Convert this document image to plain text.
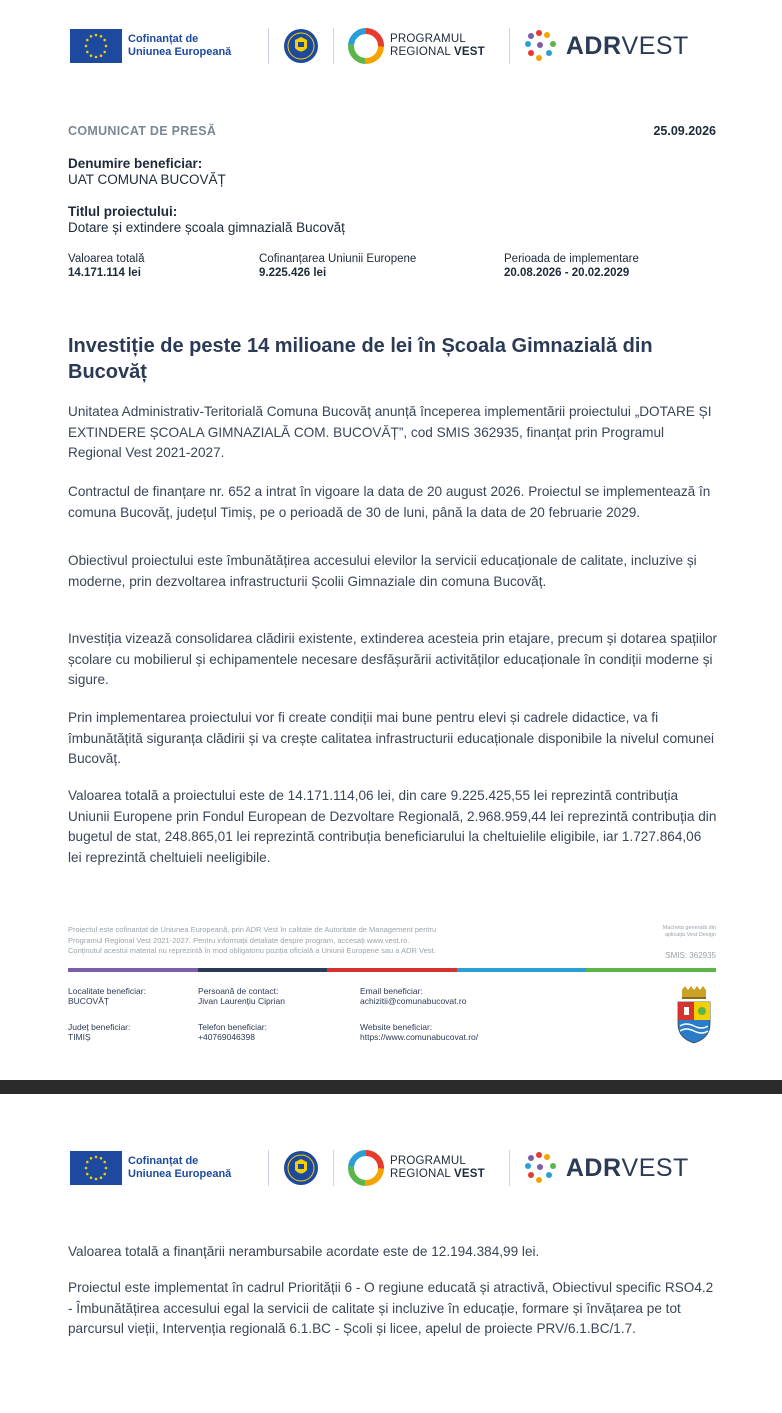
Cofinanțat de
Uniunea Europeană
PROGRAMUL
REGIONAL VEST	ADRVEST
COMUNICAT DE PRESĂ	25.09.2026
Denumire beneficiar:
UAT COMUNA BUCOVĂȚ
Titlul proiectului:
Dotare și extindere școala gimnazială Bucovăț
Valoarea totală
14.171.114 lei
Cofinanțarea Uniunii Europene
9.225.426 lei
Perioada de implementare
20.08.2026 - 20.02.2029
Investiție de peste 14 milioane de lei în Școala Gimnazială din Bucovăț
Unitatea Administrativ-Teritorială Comuna Bucovăț anunță începerea implementării proiectului „DOTARE ȘI EXTINDERE ȘCOALA GIMNAZIALĂ COM. BUCOVĂȚ”, cod SMIS 362935, finanțat prin Programul Regional Vest 2021-2027.
Contractul de finanțare nr. 652 a intrat în vigoare la data de 20 august 2026. Proiectul se implementează în comuna Bucovăț, județul Timiș, pe o perioadă de 30 de luni, până la data de 20 februarie 2029.
Obiectivul proiectului este îmbunătățirea accesului elevilor la servicii educaționale de calitate, incluzive și moderne, prin dezvoltarea infrastructurii Școlii Gimnaziale din comuna Bucovăț.
Investiția vizează consolidarea clădirii existente, extinderea acesteia prin etajare, precum și dotarea spațiilor școlare cu mobilierul și echipamentele necesare desfășurării activităților educaționale în condiții moderne și sigure.
Prin implementarea proiectului vor fi create condiții mai bune pentru elevi și cadrele didactice, va fi îmbunătățită siguranța clădirii și va crește calitatea infrastructurii educaționale disponibile la nivelul comunei Bucovăț.
Valoarea totală a proiectului este de 14.171.114,06 lei, din care 9.225.425,55 lei reprezintă contribuția Uniunii Europene prin Fondul European de Dezvoltare Regională, 2.968.959,44 lei reprezintă contribuția din bugetul de stat, 248.865,01 lei reprezintă contribuția beneficiarului la cheltuielile eligibile, iar 1.727.864,06 lei reprezintă cheltuieli neeligibile.
Proiectul este cofinanțat de Uniunea Europeană, prin ADR Vest în calitate de Autoritate de Management pentru
Programul Regional Vest 2021-2027. Pentru informații detaliate despre program, accesați www.vest.ro.
Conținutul acestui material nu reprezintă în mod obligatoriu poziția oficială a Uniunii Europene sau a ADR Vest.
Macheta generată din
aplicația Vest Design
SMIS: 362935
Localitate beneficiar:
BUCOVĂȚ
Județ beneficiar:
TIMIȘ
Persoană de contact:
Jivan Laurențiu Ciprian
Telefon beneficiar:
+40769046398
Email beneficiar:
achizitii@comunabucovat.ro
Website beneficiar:
https://www.comunabucovat.ro/
Cofinanțat de
Uniunea Europeană
PROGRAMUL
REGIONAL VEST	ADRVEST
Valoarea totală a finanțării nerambursabile acordate este de 12.194.384,99 lei.
Proiectul este implementat în cadrul Priorității 6 - O regiune educată și atractivă, Obiectivul specific RSO4.2 - Îmbunătățirea accesului egal la servicii de calitate și incluzive în educație, formare și învățarea pe tot parcursul vieții, Intervenția regională 6.1.BC - Școli și licee, apelul de proiecte PRV/6.1.BC/1.7.
